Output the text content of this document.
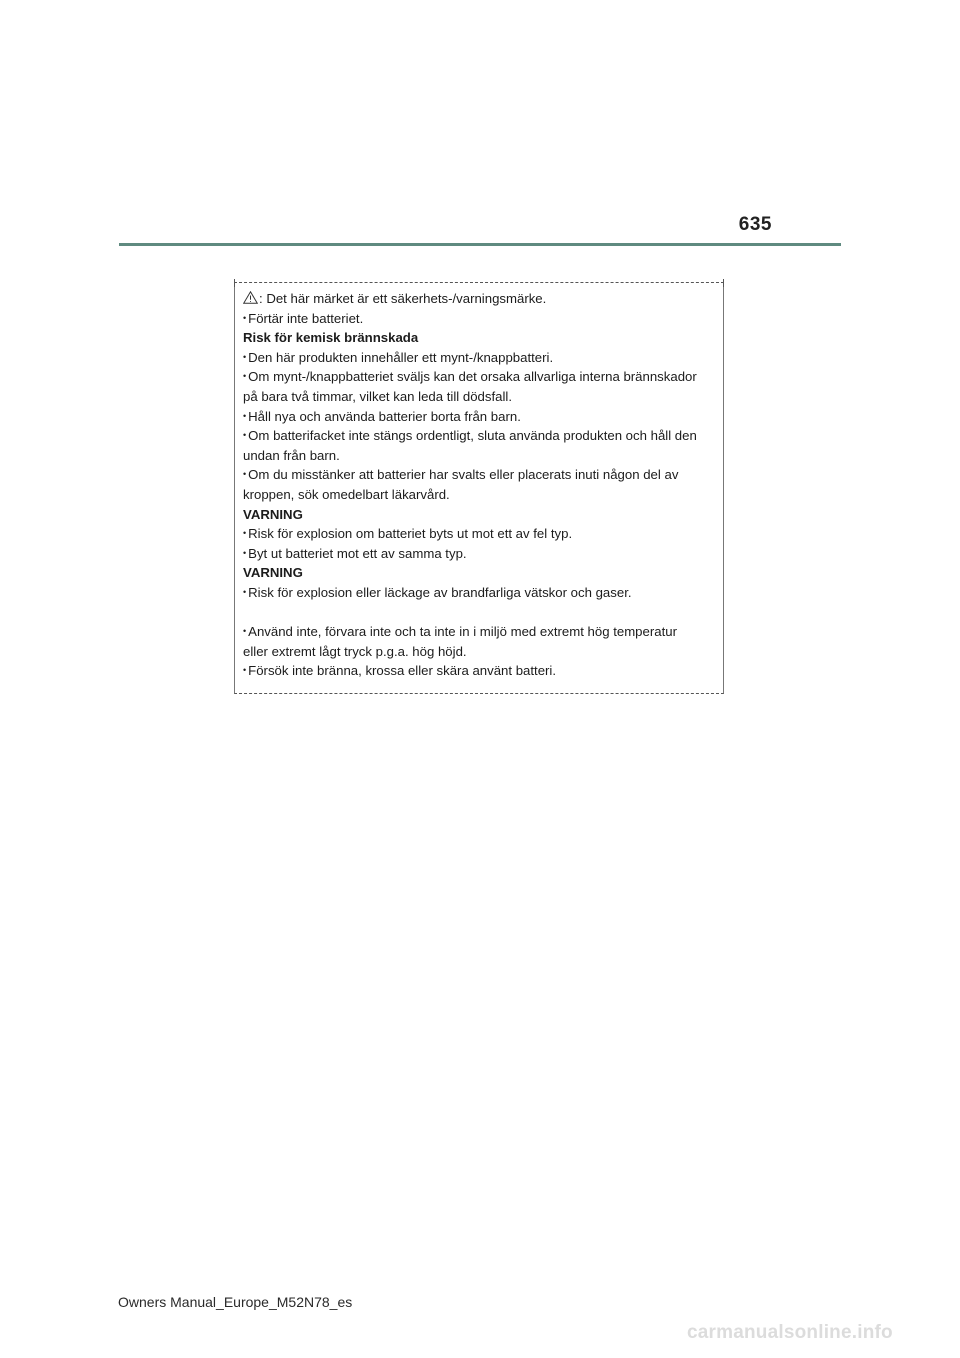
635
: Det här märket är ett säkerhets-/varningsmärke.
• Förtär inte batteriet.
Risk för kemisk brännskada
• Den här produkten innehåller ett mynt-/knappbatteri.
• Om mynt-/knappbatteriet sväljs kan det orsaka allvarliga interna brännskador
på bara två timmar, vilket kan leda till dödsfall.
• Håll nya och använda batterier borta från barn.
• Om batterifacket inte stängs ordentligt, sluta använda produkten och håll den
undan från barn.
• Om du misstänker att batterier har svalts eller placerats inuti någon del av
kroppen, sök omedelbart läkarvård.
VARNING
• Risk för explosion om batteriet byts ut mot ett av fel typ.
• Byt ut batteriet mot ett av samma typ.
VARNING
• Risk för explosion eller läckage av brandfarliga vätskor och gaser.
• Använd inte, förvara inte och ta inte in i miljö med extremt hög temperatur
eller extremt lågt tryck p.g.a. hög höjd.
• Försök inte bränna, krossa eller skära använt batteri.
Owners Manual_Europe_M52N78_es
carmanualsonline.info
